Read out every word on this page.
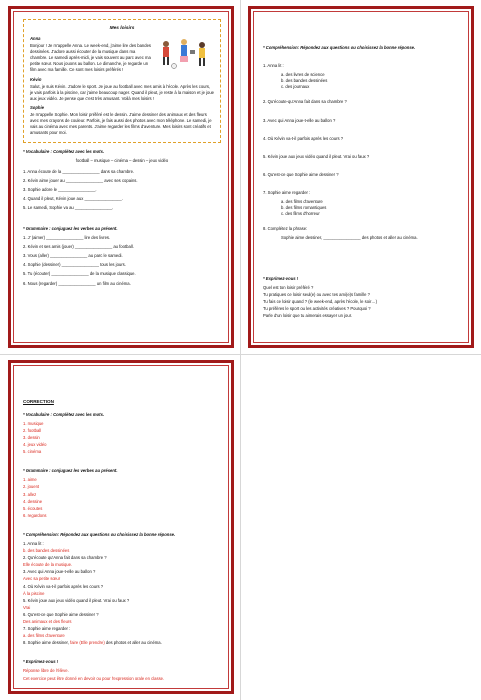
Mes loisirs
Anna
Bonjour ! Je m'appelle Anna. Le week-end, j'aime lire des bandes dessinées. J'adore aussi écouter de la musique dans ma chambre. Le samedi après-midi, je vais souvent au parc avec ma petite sœur. Nous jouons au ballon. Le dimanche, je regarde un film avec ma famille. Ce sont mes loisirs préférés !
Kévin
Salut, je suis Kévin. J'adore le sport. Je joue au football avec mes amis à l'école. Après les cours, je vais parfois à la piscine, car j'aime beaucoup nager. Quand il pleut, je reste à la maison et je joue aux jeux vidéo. Je pense que c'est très amusant. Voilà mes loisirs !
Sophie
Je m'appelle Sophie. Mon loisir préféré est le dessin. J'aime dessiner des animaux et des fleurs avec mes crayons de couleur. Parfois, je fais aussi des photos avec mon téléphone. Le samedi, je vais au cinéma avec mes parents. J'aime regarder les films d'aventure. Mes loisirs sont créatifs et amusants pour moi.
* Vocabulaire : Complétez avec les mots.
football – musique – cinéma – dessin – jeux vidéo
1. Anna écoute de la ________________ dans sa chambre.
2. Kévin aime jouer au ________________ avec ses copains.
3. Sophie adore le ________________.
4. Quand il pleut, Kévin joue aux ________________.
5. Le samedi, Sophie va au ________________.
* Grammaire : conjuguez les verbes au présent.
1. J' (aimer) ________________ lire des livres.
2. Kévin et ses amis (jouer) ________________ au football.
3. Vous (aller) ________________ au parc le samedi.
4. Sophie (dessiner) ________________ tous les jours.
5. Tu (écouter) ________________ de la musique classique.
6. Nous (regarder) ________________ un film au cinéma.
* Compréhension: Répondez aux questions ou choisissez la bonne réponse.
1. Anna lit :
a. des livres de science
b. des bandes dessinées
c. des journaux
2. Qu'écoute-qu'Anna fait dans sa chambre ?
3. Avec qui Anna joue-t-elle au ballon ?
4. Où Kévin va-t-il parfois après les cours ?
5. Kévin joue aux jeux vidéo quand il pleut. Vrai ou faux ?
6. Qu'est-ce que Sophie aime dessiner ?
7. Sophie aime regarder :
a. des films d'aventure
b. des films romantiques
c. des films d'horreur
8. Complétez la phrase:
Sophie aime dessiner, ________________ des photos et aller au cinéma.
* Exprimez-vous !
Quel est ton loisir préféré ?
Tu pratiques ce loisir seul(e) ou avec tes ami(e)s famille ?
Tu fais ce loisir quand ? (le week-end, après l'école, le soir…)
Tu préfères le sport ou les activités créatives ? Pourquoi ?
Parle d'un loisir que tu aimerais essayer un jour.
CORRECTION
* Vocabulaire : Complétez avec les mots.
1. musique
2. football
3. dessin
4. jeux vidéo
5. cinéma
* Grammaire : conjuguez les verbes au présent.
1. aime
2. jouent
3. allez
4. dessine
5. écoutes
6. regardons
* Compréhension: Répondez aux questions ou choisissez la bonne réponse.
1. Anna lit :
b. des bandes dessinées
2. Qu'écoute qu'Anna fait dans sa chambre ?
Elle écoute de la musique.
3. Avec qui Anna joue-t-elle au ballon ?
Avec sa petite sœur
4. Où Kévin va-t-il parfois après les cours ?
À la piscine
5. Kévin joue aux jeux vidéo quand il pleut. Vrai ou faux ?
Vrai
6. Qu'est-ce que Sophie aime dessiner ?
Des animaux et des fleurs
7. Sophie aime regarder :
a. des films d'aventure
8. Sophie aime dessiner, faire (Elle prendre) des photos et aller au cinéma.
* Exprimez-vous !
Réponse libre de l'élève.
Cet exercice peut être donné en devoir ou pour l'expression orale en classe.
